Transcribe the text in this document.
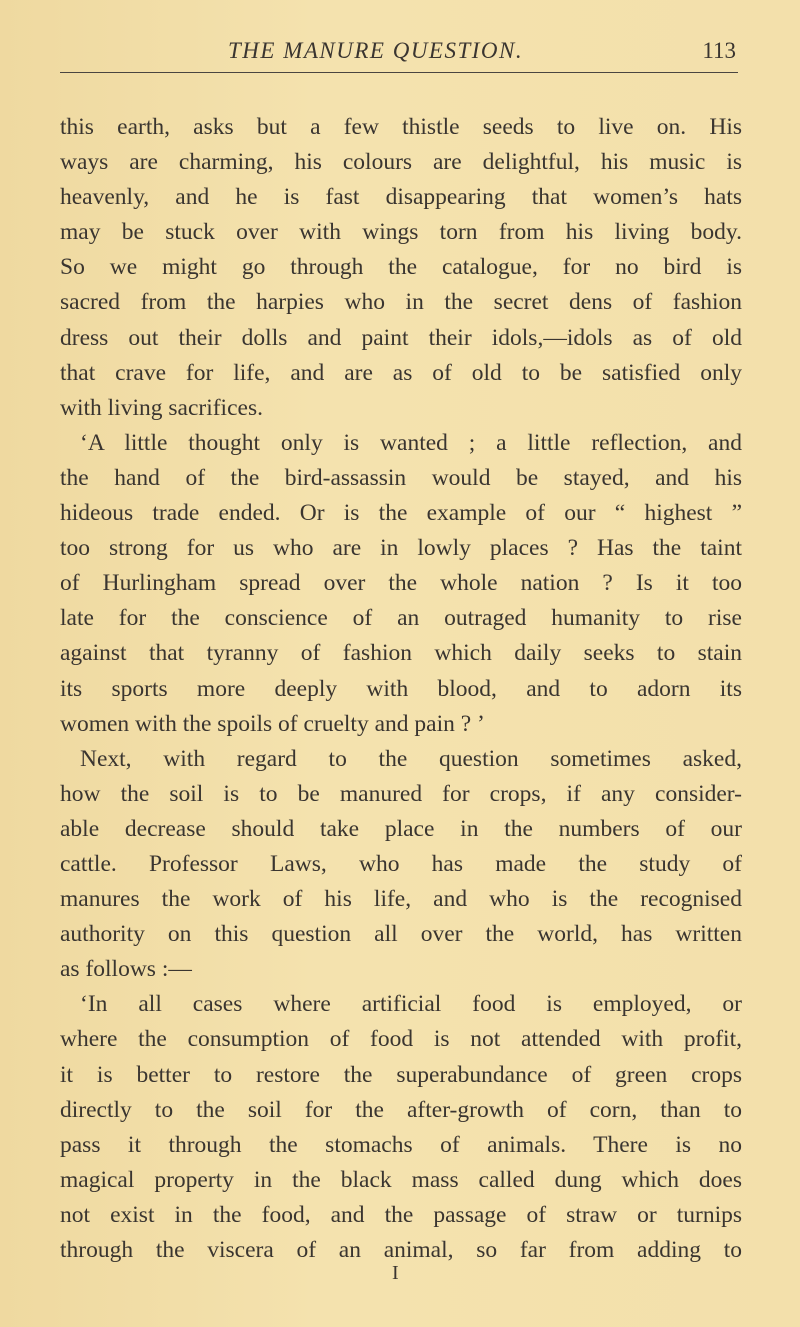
THE MANURE QUESTION.	113
this earth, asks but a few thistle seeds to live on. His
ways are charming, his colours are delightful, his music is
heavenly, and he is fast disappearing that women’s hats
may be stuck over with wings torn from his living body.
So we might go through the catalogue, for no bird is
sacred from the harpies who in the secret dens of fashion
dress out their dolls and paint their idols,—idols as of old
that crave for life, and are as of old to be satisfied only
with living sacrifices.
‘A little thought only is wanted ; a little reflection, and
the hand of the bird-assassin would be stayed, and his
hideous trade ended. Or is the example of our “ highest ”
too strong for us who are in lowly places ? Has the taint
of Hurlingham spread over the whole nation ? Is it too
late for the conscience of an outraged humanity to rise
against that tyranny of fashion which daily seeks to stain
its sports more deeply with blood, and to adorn its
women with the spoils of cruelty and pain ? ’
Next, with regard to the question sometimes asked,
how the soil is to be manured for crops, if any consider-
able decrease should take place in the numbers of our
cattle. Professor Laws, who has made the study of
manures the work of his life, and who is the recognised
authority on this question all over the world, has written
as follows :—
‘In all cases where artificial food is employed, or
where the consumption of food is not attended with profit,
it is better to restore the superabundance of green crops
directly to the soil for the after-growth of corn, than to
pass it through the stomachs of animals. There is no
magical property in the black mass called dung which does
not exist in the food, and the passage of straw or turnips
through the viscera of an animal, so far from adding to
I
